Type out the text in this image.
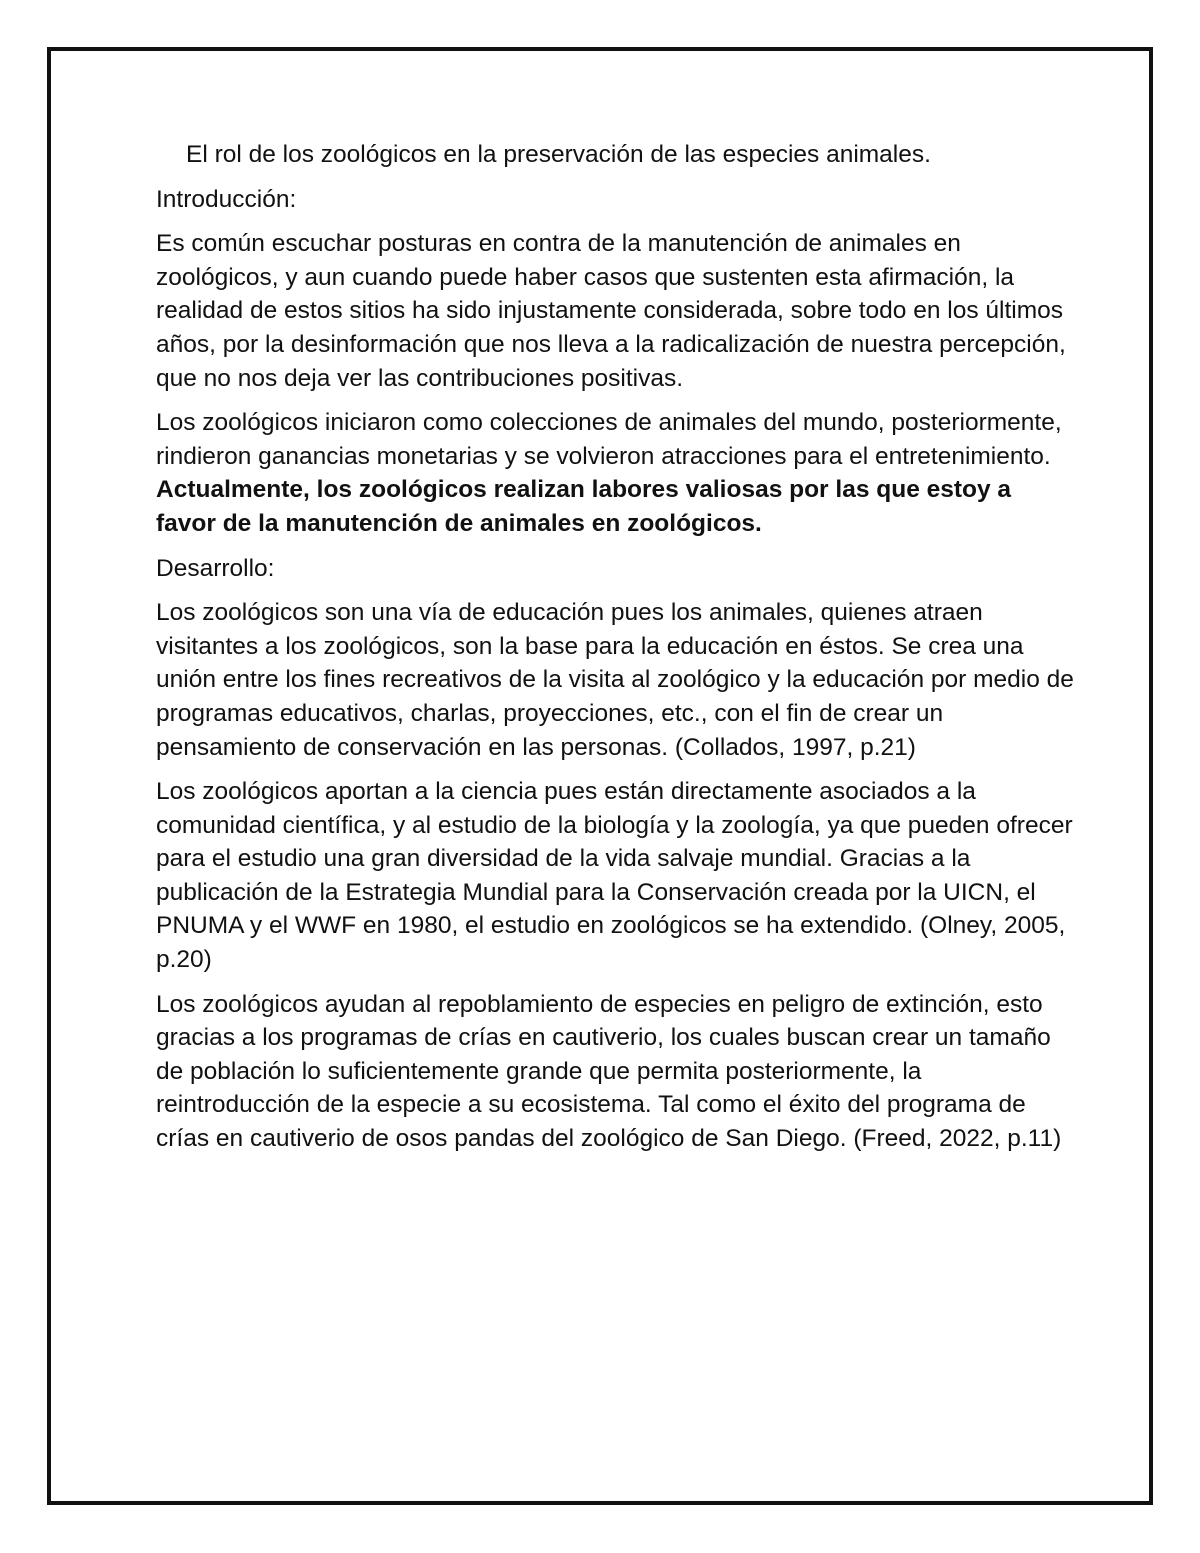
El rol de los zoológicos en la preservación de las especies animales.

Introducción:

Es común escuchar posturas en contra de la manutención de animales en zoológicos, y aun cuando puede haber casos que sustenten esta afirmación, la realidad de estos sitios ha sido injustamente considerada, sobre todo en los últimos años, por la desinformación que nos lleva a la radicalización de nuestra percepción, que no nos deja ver las contribuciones positivas.

Los zoológicos iniciaron como colecciones de animales del mundo, posteriormente, rindieron ganancias monetarias y se volvieron atracciones para el entretenimiento. Actualmente, los zoológicos realizan labores valiosas por las que estoy a favor de la manutención de animales en zoológicos.

Desarrollo:

Los zoológicos son una vía de educación pues los animales, quienes atraen visitantes a los zoológicos, son la base para la educación en éstos. Se crea una unión entre los fines recreativos de la visita al zoológico y la educación por medio de programas educativos, charlas, proyecciones, etc., con el fin de crear un pensamiento de conservación en las personas. (Collados, 1997, p.21)

Los zoológicos aportan a la ciencia pues están directamente asociados a la comunidad científica, y al estudio de la biología y la zoología, ya que pueden ofrecer para el estudio una gran diversidad de la vida salvaje mundial. Gracias a la publicación de la Estrategia Mundial para la Conservación creada por la UICN, el PNUMA y el WWF en 1980, el estudio en zoológicos se ha extendido. (Olney, 2005, p.20)

Los zoológicos ayudan al repoblamiento de especies en peligro de extinción, esto gracias a los programas de crías en cautiverio, los cuales buscan crear un tamaño de población lo suficientemente grande que permita posteriormente, la reintroducción de la especie a su ecosistema. Tal como el éxito del programa de crías en cautiverio de osos pandas del zoológico de San Diego. (Freed, 2022, p.11)
